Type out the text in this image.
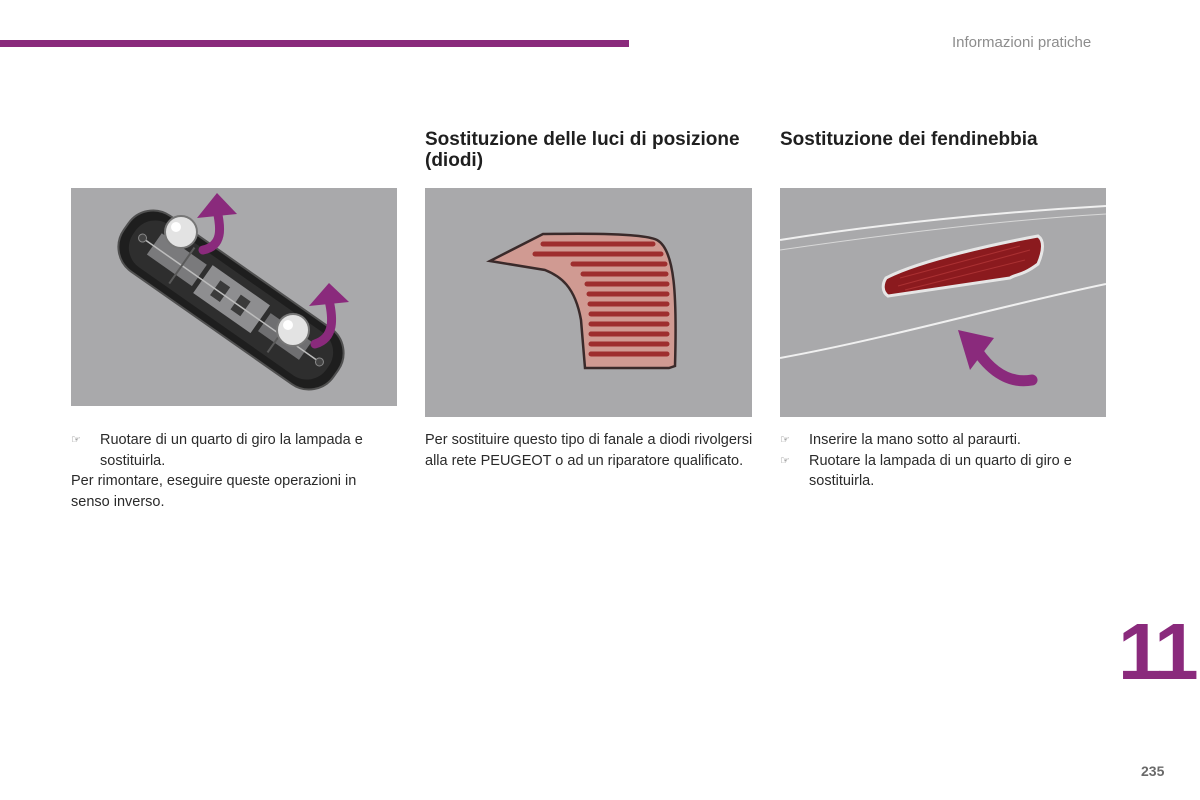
Informazioni pratiche
☞ Ruotare di un quarto di giro la lampada e sostituirla.

Per rimontare, eseguire queste operazioni in senso inverso.

Sostituzione delle luci di posizione (diodi)

Per sostituire questo tipo di fanale a diodi rivolgersi alla rete PEUGEOT o ad un riparatore qualificato.

Sostituzione dei fendinebbia
☞ Inserire la mano sotto al paraurti.

☞ Ruotare la lampada di un quarto di giro e sostituirla.

11
235
